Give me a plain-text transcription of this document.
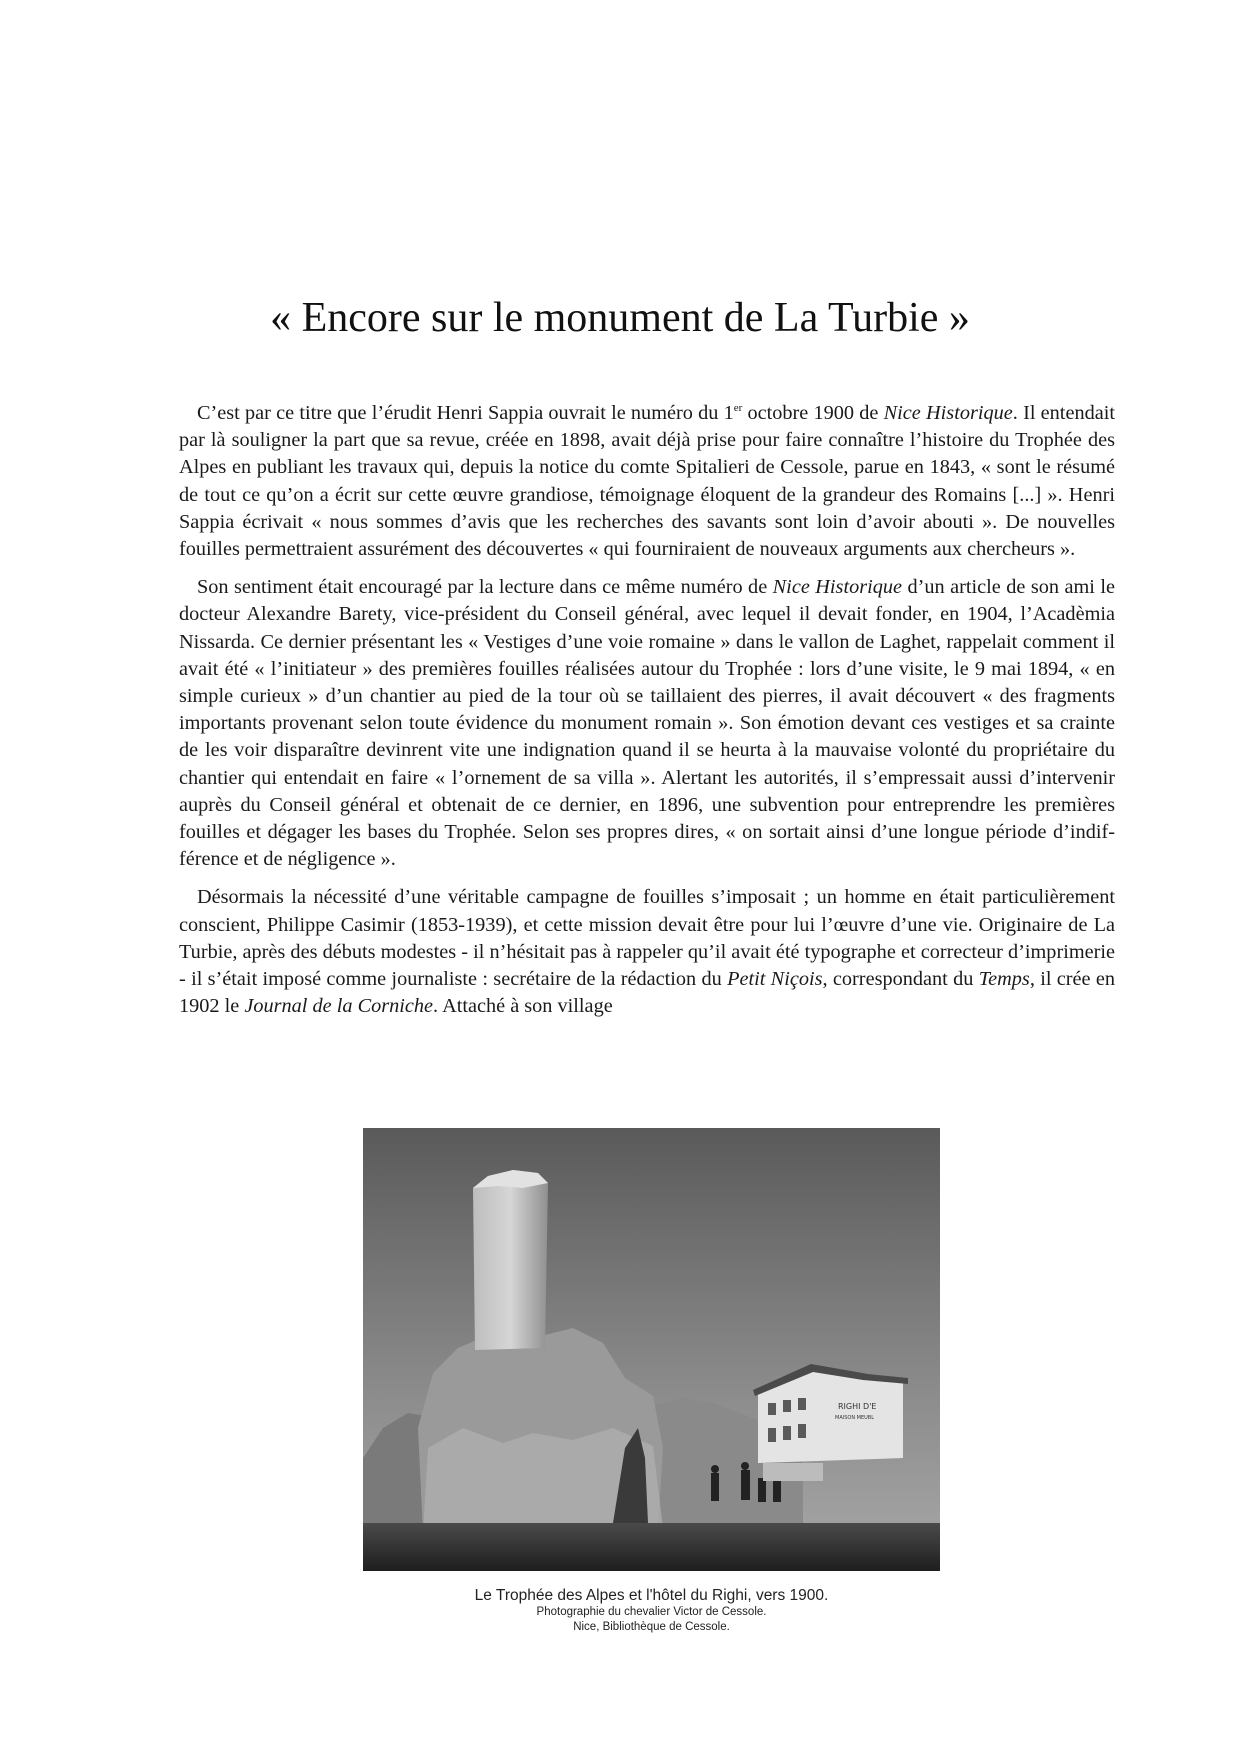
« Encore sur le monument de La Turbie »

C’est par ce titre que l’érudit Henri Sappia ouvrait le numéro du 1er octobre 1900 de Nice Historique. Il entendait par là souligner la part que sa revue, créée en 1898, avait déjà prise pour faire connaître l’histoire du Trophée des Alpes en publiant les travaux qui, depuis la notice du comte Spitalieri de Cessole, parue en 1843, « sont le résumé de tout ce qu’on a écrit sur cette œuvre grandiose, témoignage éloquent de la grandeur des Romains [...] ». Henri Sappia écrivait « nous sommes d’avis que les recherches des savants sont loin d’avoir abouti ». De nouvelles fouilles permettraient assurément des découvertes « qui fourniraient de nouveaux arguments aux chercheurs ».

Son sentiment était encouragé par la lecture dans ce même numéro de Nice Historique d’un article de son ami le docteur Alexandre Barety, vice-président du Conseil général, avec lequel il devait fonder, en 1904, l’Acadèmia Nissarda. Ce dernier présentant les « Vestiges d’une voie romaine » dans le vallon de Laghet, rappelait comment il avait été « l’initiateur » des premières fouilles réalisées autour du Trophée : lors d’une visite, le 9 mai 1894, « en simple curieux » d’un chantier au pied de la tour où se taillaient des pierres, il avait découvert « des fragments importants provenant selon toute évidence du monument romain ». Son émotion devant ces vestiges et sa crainte de les voir disparaître devinrent vite une indignation quand il se heurta à la mauvaise volonté du propriétaire du chantier qui entendait en faire « l’ornement de sa villa ». Alertant les autorités, il s’empressait aussi d’intervenir auprès du Conseil général et obtenait de ce dernier, en 1896, une subvention pour entreprendre les premières fouilles et dégager les bases du Trophée. Selon ses propres dires, « on sortait ainsi d’une longue période d’indifférence et de négligence ».

Désormais la nécessité d’une véritable campagne de fouilles s’imposait ; un homme en était particulièrement conscient, Philippe Casimir (1853-1939), et cette mission devait être pour lui l’œuvre d’une vie. Originaire de La Turbie, après des débuts modestes - il n’hésitait pas à rappeler qu’il avait été typographe et correcteur d’imprimerie - il s’était imposé comme journaliste : secrétaire de la rédaction du Petit Niçois, correspondant du Temps, il crée en 1902 le Journal de la Corniche. Attaché à son village

RIGHI D'E
MAISON MEUBL
Le Trophée des Alpes et l'hôtel du Righi, vers 1900.
Photographie du chevalier Victor de Cessole.
Nice, Bibliothèque de Cessole.
